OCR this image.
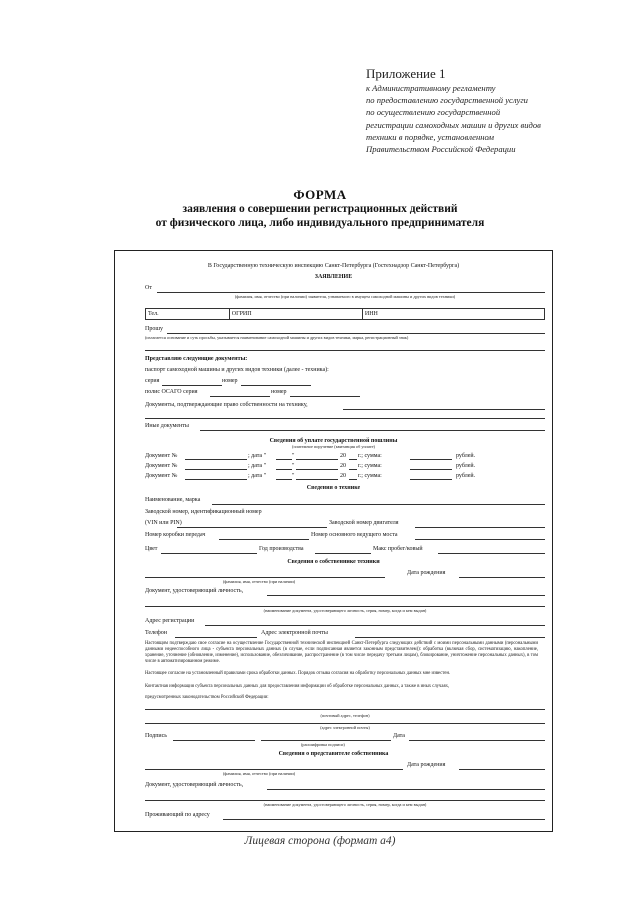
Приложение 1
к Административному регламенту
по предоставлению государственной услуги
по осуществлению государственной
регистрации самоходных машин и других видов
техники в порядке, установленном
Правительством Российской Федерации
ФОРМА
заявления о совершении регистрационных действий
от физического лица, либо индивидуального предпринимателя
В Государственную техническую инспекцию Санкт-Петербурга (Гостехнадзор Санкт-Петербурга)
ЗАЯВЛЕНИЕ
От
(фамилия, имя, отчество (при наличии) заявителя, узнаваемого в имущем самоходной машины и других видов техники)
Тел.	ОГРИП	ИНН
Прошу
(излагается основание и суть просьбы, указывается наименование самоходной машины и других видов техники, марка, регистрационный знак)
Представляю следующие документы:
паспорт самоходной машины и других видов техники (далее - техника):
серия	номер
полис ОСАГО серия	номер
Документы, подтверждающие право собственности на технику,
Иные документы
Сведения об уплате государственной пошлины
(платежное поручение (квитанция об уплате)
Документ №	; дата "	"	20 г.; сумма:	рублей.
Документ №	; дата "	"	20 г.; сумма:	рублей.
Документ №	; дата "	"	20 г.; сумма:	рублей.
Сведения о технике
Наименование, марка
Заводской номер, идентификационный номер
(VIN или PIN)	Заводской номер двигателя
Номер коробки передач	Номер основного ведущего моста
Цвет	Год производства	Макс пробег/ковый
Сведения о собственнике техники
Дата рождения
(фамилия, имя, отчество (при наличии)
Документ, удостоверяющий личность,
(наименование документа, удостоверяющего личность, серия, номер, когда и кем выдан)
Адрес регистрации
Телефон	Адрес электронной почты
Настоящим подтверждаю свое согласие на осуществление Государственной технической инспекцией Санкт-Петербурга следующих действий с моими персональными данными (персональными данными недееспособного лица - субъекта персональных данных (в случае, если подписанная является законным представителем)): обработка (включая сбор, систематизацию, накопление, хранение, уточнение (обновление, изменение), использование, обезличивание, распространение (в том числе передачу третьим лицам), блокирование, уничтожение персональных данных), в том числе в автоматизированном режиме.
Настоящее согласие на установленный правилами срока обработки данных. Порядок отзыва согласия на обработку персональных данных мне известен.
Контактная информация субъекта персональных данных для предоставления информации об обработке персональных данных, а также в иных случаях,
предусмотренных законодательством Российской Федерации:
(почтовый адрес, телефон)
(адрес электронной почты)
Подпись	Дата
(расшифровка подписи)
Сведения о представителе собственника
Дата рождения
(фамилия, имя, отчество (при наличии)
Документ, удостоверяющий личность,
(наименование документа, удостоверяющего личность, серия, номер, когда и кем выдан)
Проживающий по адресу
Лицевая сторона (формат а4)
